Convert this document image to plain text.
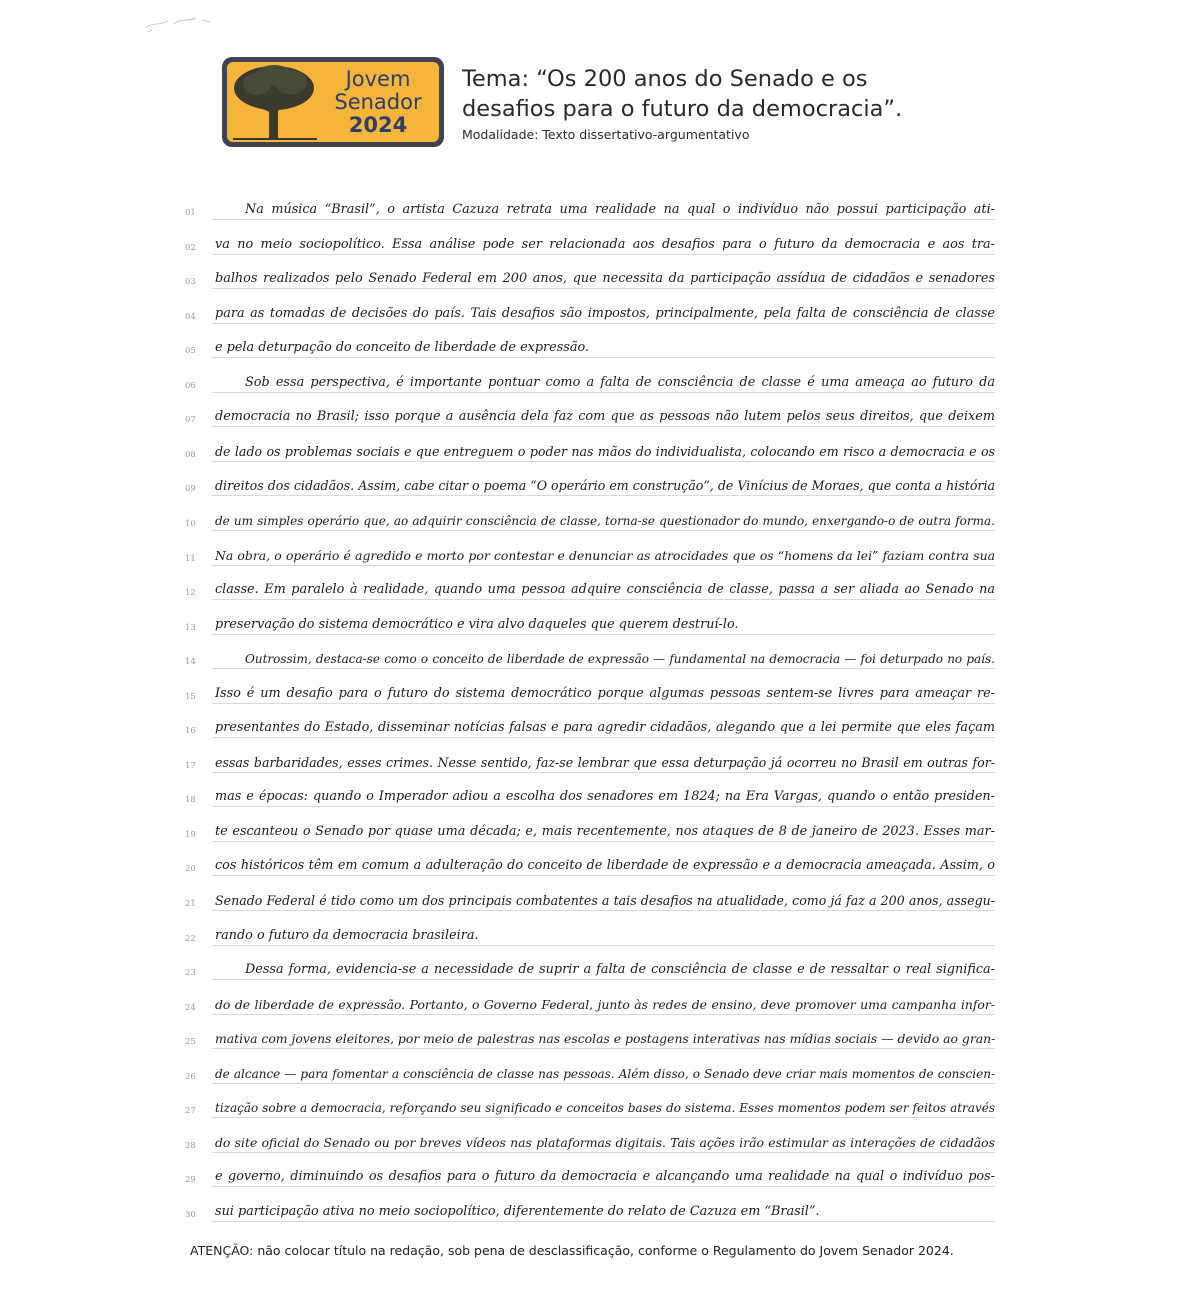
Jovem
Senador
2024
Tema: “Os 200 anos do Senado e os
desafios para o futuro da democracia”.
Modalidade: Texto dissertativo-argumentativo
01	Na música “Brasil”, o artista Cazuza retrata uma realidade na qual o indivíduo não possui participação ati-
02	va no meio sociopolítico. Essa análise pode ser relacionada aos desafios para o futuro da democracia e aos tra-
03	balhos realizados pelo Senado Federal em 200 anos, que necessita da participação assídua de cidadãos e senadores
04	para as tomadas de decisões do país. Tais desafios são impostos, principalmente, pela falta de consciência de classe
05	e pela deturpação do conceito de liberdade de expressão.
06	Sob essa perspectiva, é importante pontuar como a falta de consciência de classe é uma ameaça ao futuro da
07	democracia no Brasil; isso porque a ausência dela faz com que as pessoas não lutem pelos seus direitos, que deixem
08	de lado os problemas sociais e que entreguem o poder nas mãos do individualista, colocando em risco a democracia e os
09	direitos dos cidadãos. Assim, cabe citar o poema “O operário em construção”, de Vinícius de Moraes, que conta a história
10	de um simples operário que, ao adquirir consciência de classe, torna-se questionador do mundo, enxergando-o de outra forma.
11	Na obra, o operário é agredido e morto por contestar e denunciar as atrocidades que os “homens da lei” faziam contra sua
12	classe. Em paralelo à realidade, quando uma pessoa adquire consciência de classe, passa a ser aliada ao Senado na
13	preservação do sistema democrático e vira alvo daqueles que querem destruí-lo.
14	Outrossim, destaca-se como o conceito de liberdade de expressão — fundamental na democracia — foi deturpado no país.
15	Isso é um desafio para o futuro do sistema democrático porque algumas pessoas sentem-se livres para ameaçar re-
16	presentantes do Estado, disseminar notícias falsas e para agredir cidadãos, alegando que a lei permite que eles façam
17	essas barbaridades, esses crimes. Nesse sentido, faz-se lembrar que essa deturpação já ocorreu no Brasil em outras for-
18	mas e épocas: quando o Imperador adiou a escolha dos senadores em 1824; na Era Vargas, quando o então presiden-
19	te escanteou o Senado por quase uma década; e, mais recentemente, nos ataques de 8 de janeiro de 2023. Esses mar-
20	cos históricos têm em comum a adulteração do conceito de liberdade de expressão e a democracia ameaçada. Assim, o
21	Senado Federal é tido como um dos principais combatentes a tais desafios na atualidade, como já faz a 200 anos, assegu-
22	rando o futuro da democracia brasileira.
23	Dessa forma, evidencia-se a necessidade de suprir a falta de consciência de classe e de ressaltar o real significa-
24	do de liberdade de expressão. Portanto, o Governo Federal, junto às redes de ensino, deve promover uma campanha infor-
25	mativa com jovens eleitores, por meio de palestras nas escolas e postagens interativas nas mídias sociais — devido ao gran-
26	de alcance — para fomentar a consciência de classe nas pessoas. Além disso, o Senado deve criar mais momentos de conscien-
27	tização sobre a democracia, reforçando seu significado e conceitos bases do sistema. Esses momentos podem ser feitos através
28	do site oficial do Senado ou por breves vídeos nas plataformas digitais. Tais ações irão estimular as interações de cidadãos
29	e governo, diminuindo os desafios para o futuro da democracia e alcançando uma realidade na qual o indivíduo pos-
30	sui participação ativa no meio sociopolítico, diferentemente do relato de Cazuza em “Brasil”.
ATENÇÃO: não colocar título na redação, sob pena de desclassificação, conforme o Regulamento do Jovem Senador 2024.
